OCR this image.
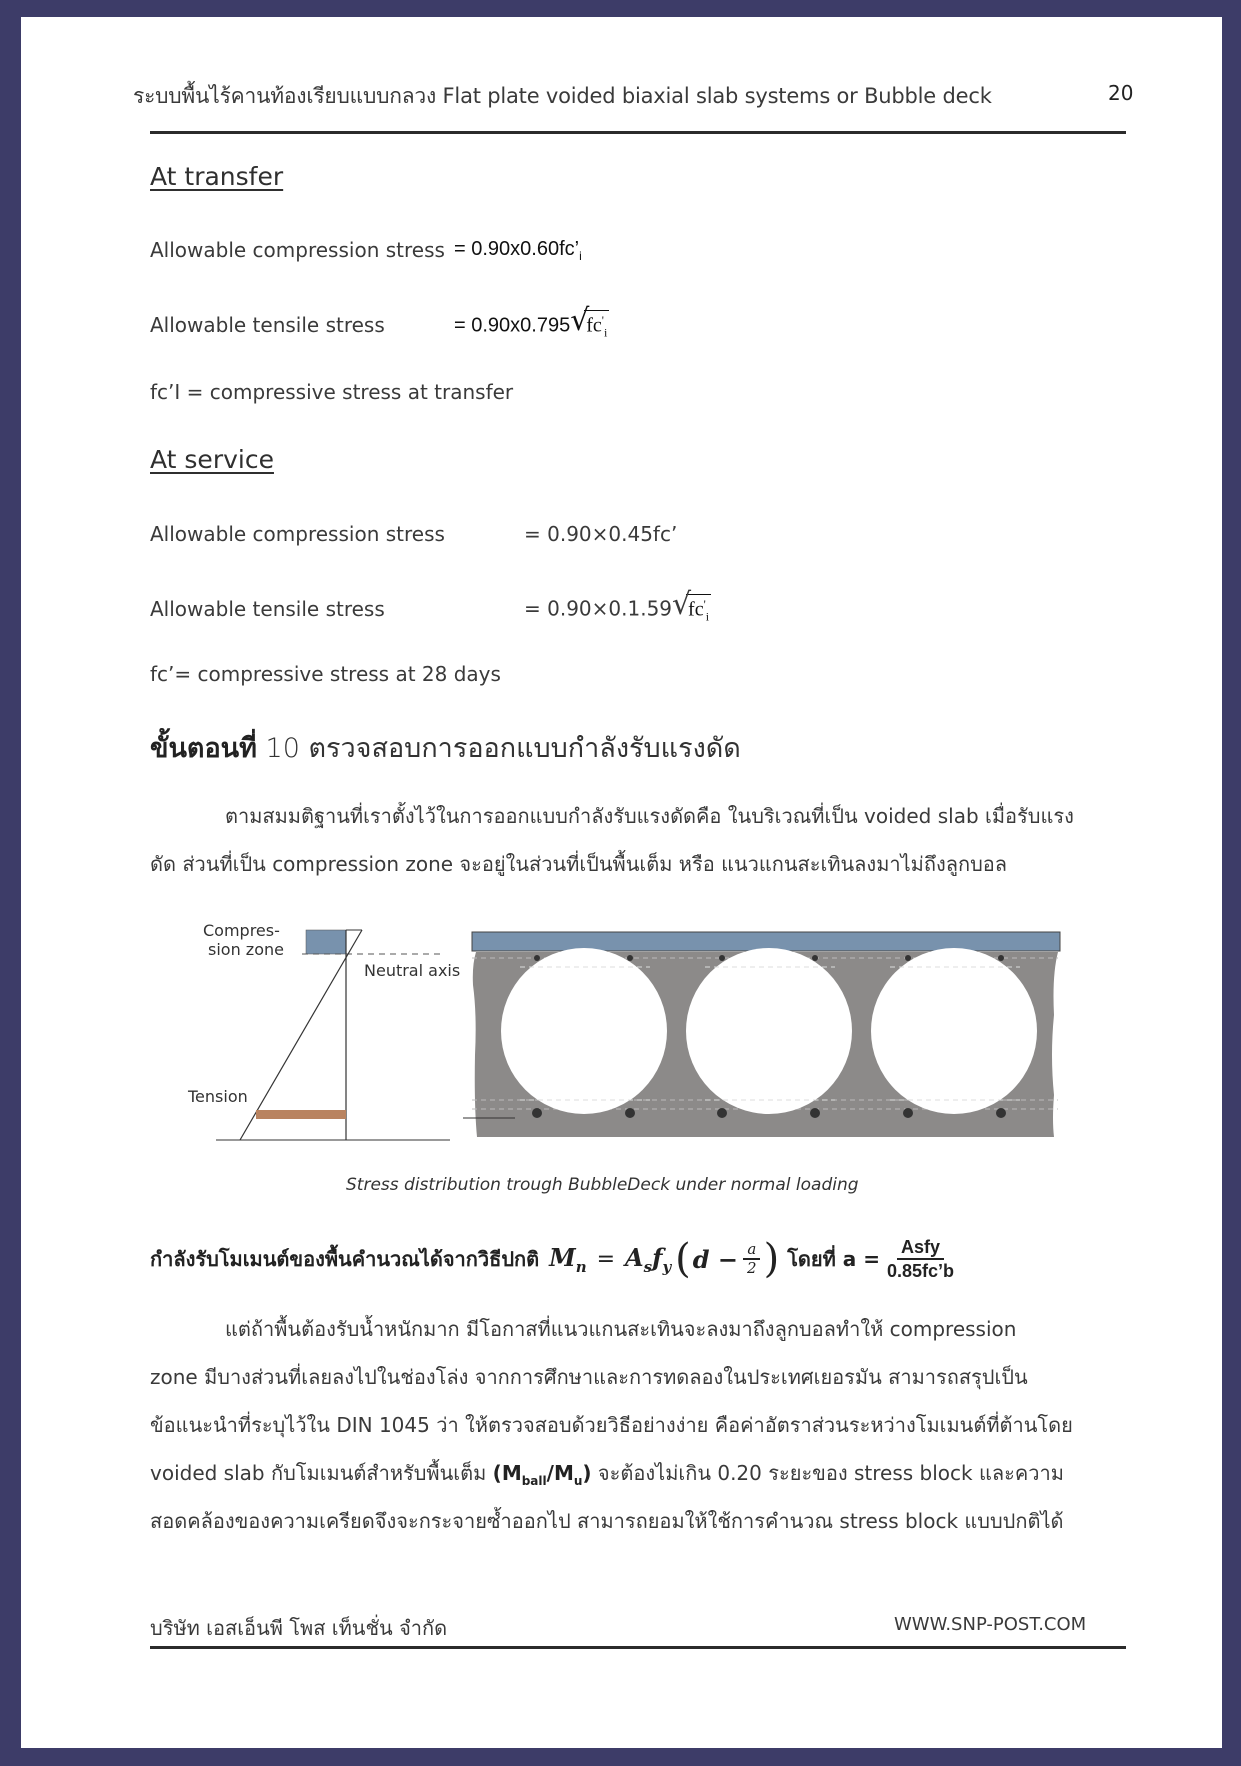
ระบบพื้นไร้คานท้องเรียบแบบกลวง Flat plate voided biaxial slab systems or Bubble deck	20
At transfer
Allowable compression stress = $0.90x0.60fc’_i$
Allowable tensile stress	= 0.90x0.795 √
$fc'_i$
fc’I = compressive stress at transfer
At service
Allowable compression stress	= 0.90×0.45fc’
Allowable tensile stress	= 0.90×0.1.59 √
$fc'_i$
fc’= compressive stress at 28 days
ขั้นตอนที่ 10 ตรวจสอบการออกแบบกำลังรับแรงดัด
ตามสมมติฐานที่เราตั้งไว้ในการออกแบบกำลังรับแรงดัดคือ ในบริเวณที่เป็น voided slab เมื่อรับแรง
ดัด ส่วนที่เป็น compression zone จะอยู่ในส่วนที่เป็นพื้นเต็ม หรือ แนวแกนสะเทินลงมาไม่ถึงลูกบอล
Compres-
sion zone
Neutral axis
Tension
Stress distribution trough BubbleDeck under normal loading
กำลังรับโมเมนต์ของพื้นคำนวณได้จากวิธีปกติ $M_n = A_sf_y$ ( $d - \frac{a}{2}$ ) โดยที่ $a = \frac{\text{Asfy}}{0.85fc’b}$
แต่ถ้าพื้นต้องรับน้ำหนักมาก มีโอกาสที่แนวแกนสะเทินจะลงมาถึงลูกบอลทำให้ compression
zone มีบางส่วนที่เลยลงไปในช่องโล่ง จากการศึกษาและการทดลองในประเทศเยอรมัน สามารถสรุปเป็น
ข้อแนะนำที่ระบุไว้ใน DIN 1045 ว่า ให้ตรวจสอบด้วยวิธีอย่างง่าย คือค่าอัตราส่วนระหว่างโมเมนต์ที่ต้านโดย
voided slab กับโมเมนต์สำหรับพื้นเต็ม $(M_{ball}/M_u)$ จะต้องไม่เกิน 0.20 ระยะของ stress block และความ
สอดคล้องของความเครียดจึงจะกระจายซ้ำออกไป สามารถยอมให้ใช้การคำนวณ stress block แบบปกติได้
บริษัท เอสเอ็นพี โพส เท็นชั่น จำกัด	WWW.SNP-POST.COM
